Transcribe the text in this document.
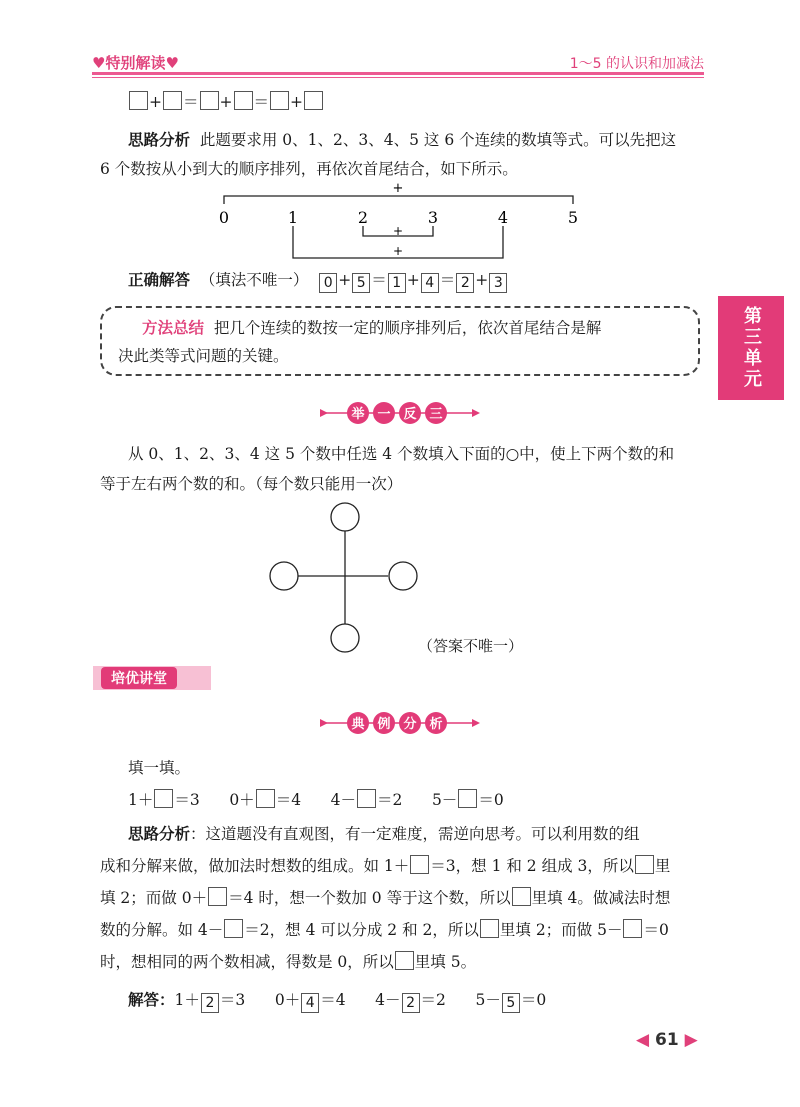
♥特别解读♥	1～5 的认识和加减法
第三单元
+ ＝ + ＝ +
思路分析 此题要求用 0、1、2、3、4、5 这 6 个连续的数填等式。可以先把这
6 个数按从小到大的顺序排列，再依次首尾结合，如下所示。
+
0	1	2	3	4	5
+
+
正确解答 （填法不唯一） 0 + 5 ＝ 1 + 4 ＝ 2 + 3
方法总结 把几个连续的数按一定的顺序排列后，依次首尾结合是解
决此类等式问题的关键。
举 一 反 三
从 0、1、2、3、4 这 5 个数中任选 4 个数填入下面的○中，使上下两个数的和
等于左右两个数的和。（每个数只能用一次）
（答案不唯一）
培优讲堂
典 例 分 析
填一填。
1＋ ＝3 0＋ ＝4 4－ ＝2 5－ ＝0
思路分析：这道题没有直观图，有一定难度，需逆向思考。可以利用数的组
成和分解来做，做加法时想数的组成。如 1＋ ＝3，想 1 和 2 组成 3，所以 里
填 2；而做 0＋ ＝4 时，想一个数加 0 等于这个数，所以 里填 4。做减法时想
数的分解。如 4－ ＝2，想 4 可以分成 2 和 2，所以 里填 2；而做 5－ ＝0
时，想相同的两个数相减，得数是 0，所以 里填 5。
解答：1＋ 2 ＝3 0＋ 4 ＝4 4－ 2 ＝2 5－ 5 ＝0
◀ 61 ▶
